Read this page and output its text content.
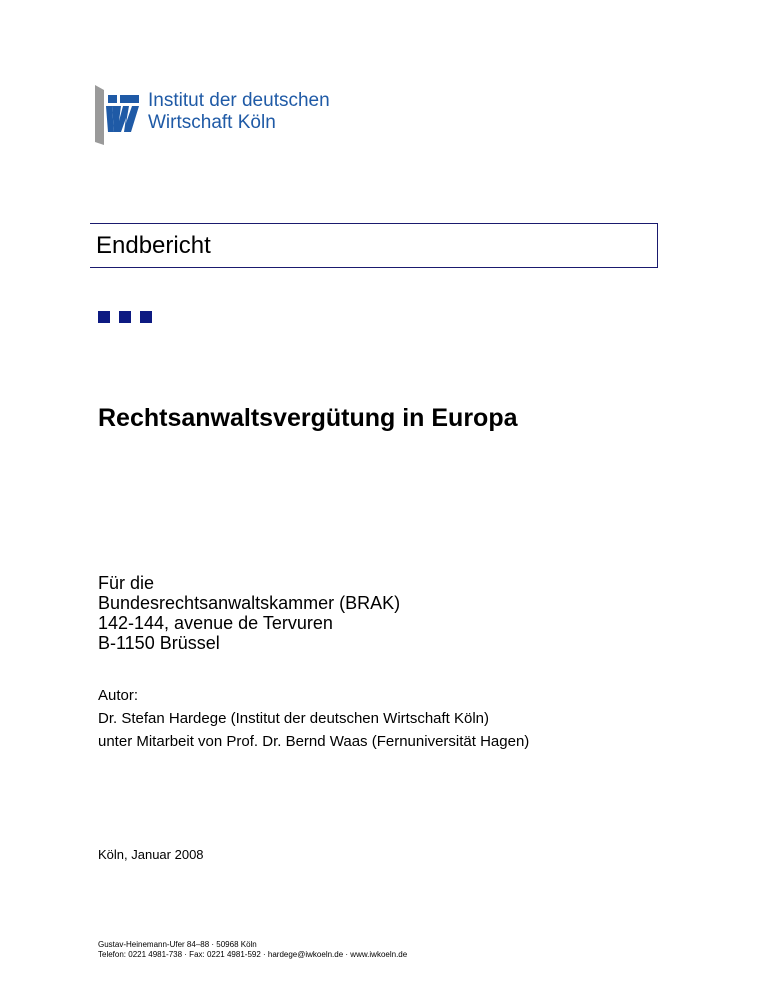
Institut der deutschen
Wirtschaft Köln
Endbericht
Rechtsanwaltsvergütung in Europa
Für die
Bundesrechtsanwaltskammer (BRAK)
142-144, avenue de Tervuren
B-1150 Brüssel
Autor:
Dr. Stefan Hardege (Institut der deutschen Wirtschaft Köln)
unter Mitarbeit von Prof. Dr. Bernd Waas (Fernuniversität Hagen)
Köln, Januar 2008
Gustav-Heinemann-Ufer 84–88 · 50968 Köln
Telefon: 0221 4981-738 · Fax: 0221 4981-592 · hardege@iwkoeln.de · www.iwkoeln.de
